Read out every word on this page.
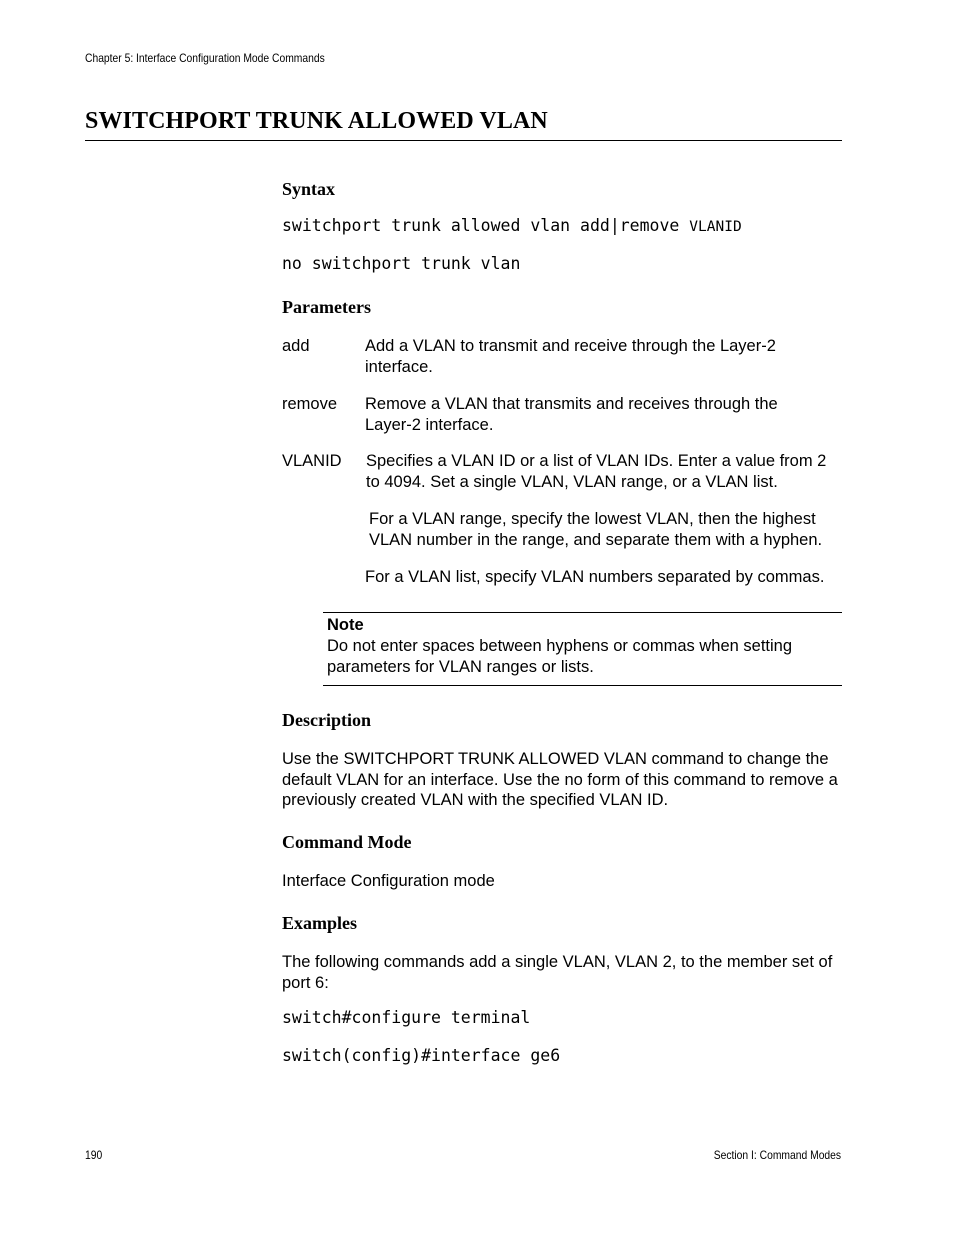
Chapter 5: Interface Configuration Mode Commands
SWITCHPORT TRUNK ALLOWED VLAN
Syntax
switchport trunk allowed vlan add|remove VLANID
no switchport trunk vlan
Parameters
add	Add a VLAN to transmit and receive through the Layer-2 interface.
remove Remove a VLAN that transmits and receives through the Layer-2 interface.
VLANID Specifies a VLAN ID or a list of VLAN IDs. Enter a value from 2 to 4094. Set a single VLAN, VLAN range, or a VLAN list.
For a VLAN range, specify the lowest VLAN, then the highest VLAN number in the range, and separate them with a hyphen.
For a VLAN list, specify VLAN numbers separated by commas.
Note
Do not enter spaces between hyphens or commas when setting parameters for VLAN ranges or lists.
Description
Use the SWITCHPORT TRUNK ALLOWED VLAN command to change the default VLAN for an interface. Use the no form of this command to remove a previously created VLAN with the specified VLAN ID.
Command Mode
Interface Configuration mode
Examples
The following commands add a single VLAN, VLAN 2, to the member set of port 6:
switch#configure terminal
switch(config)#interface ge6
190	Section I: Command Modes
